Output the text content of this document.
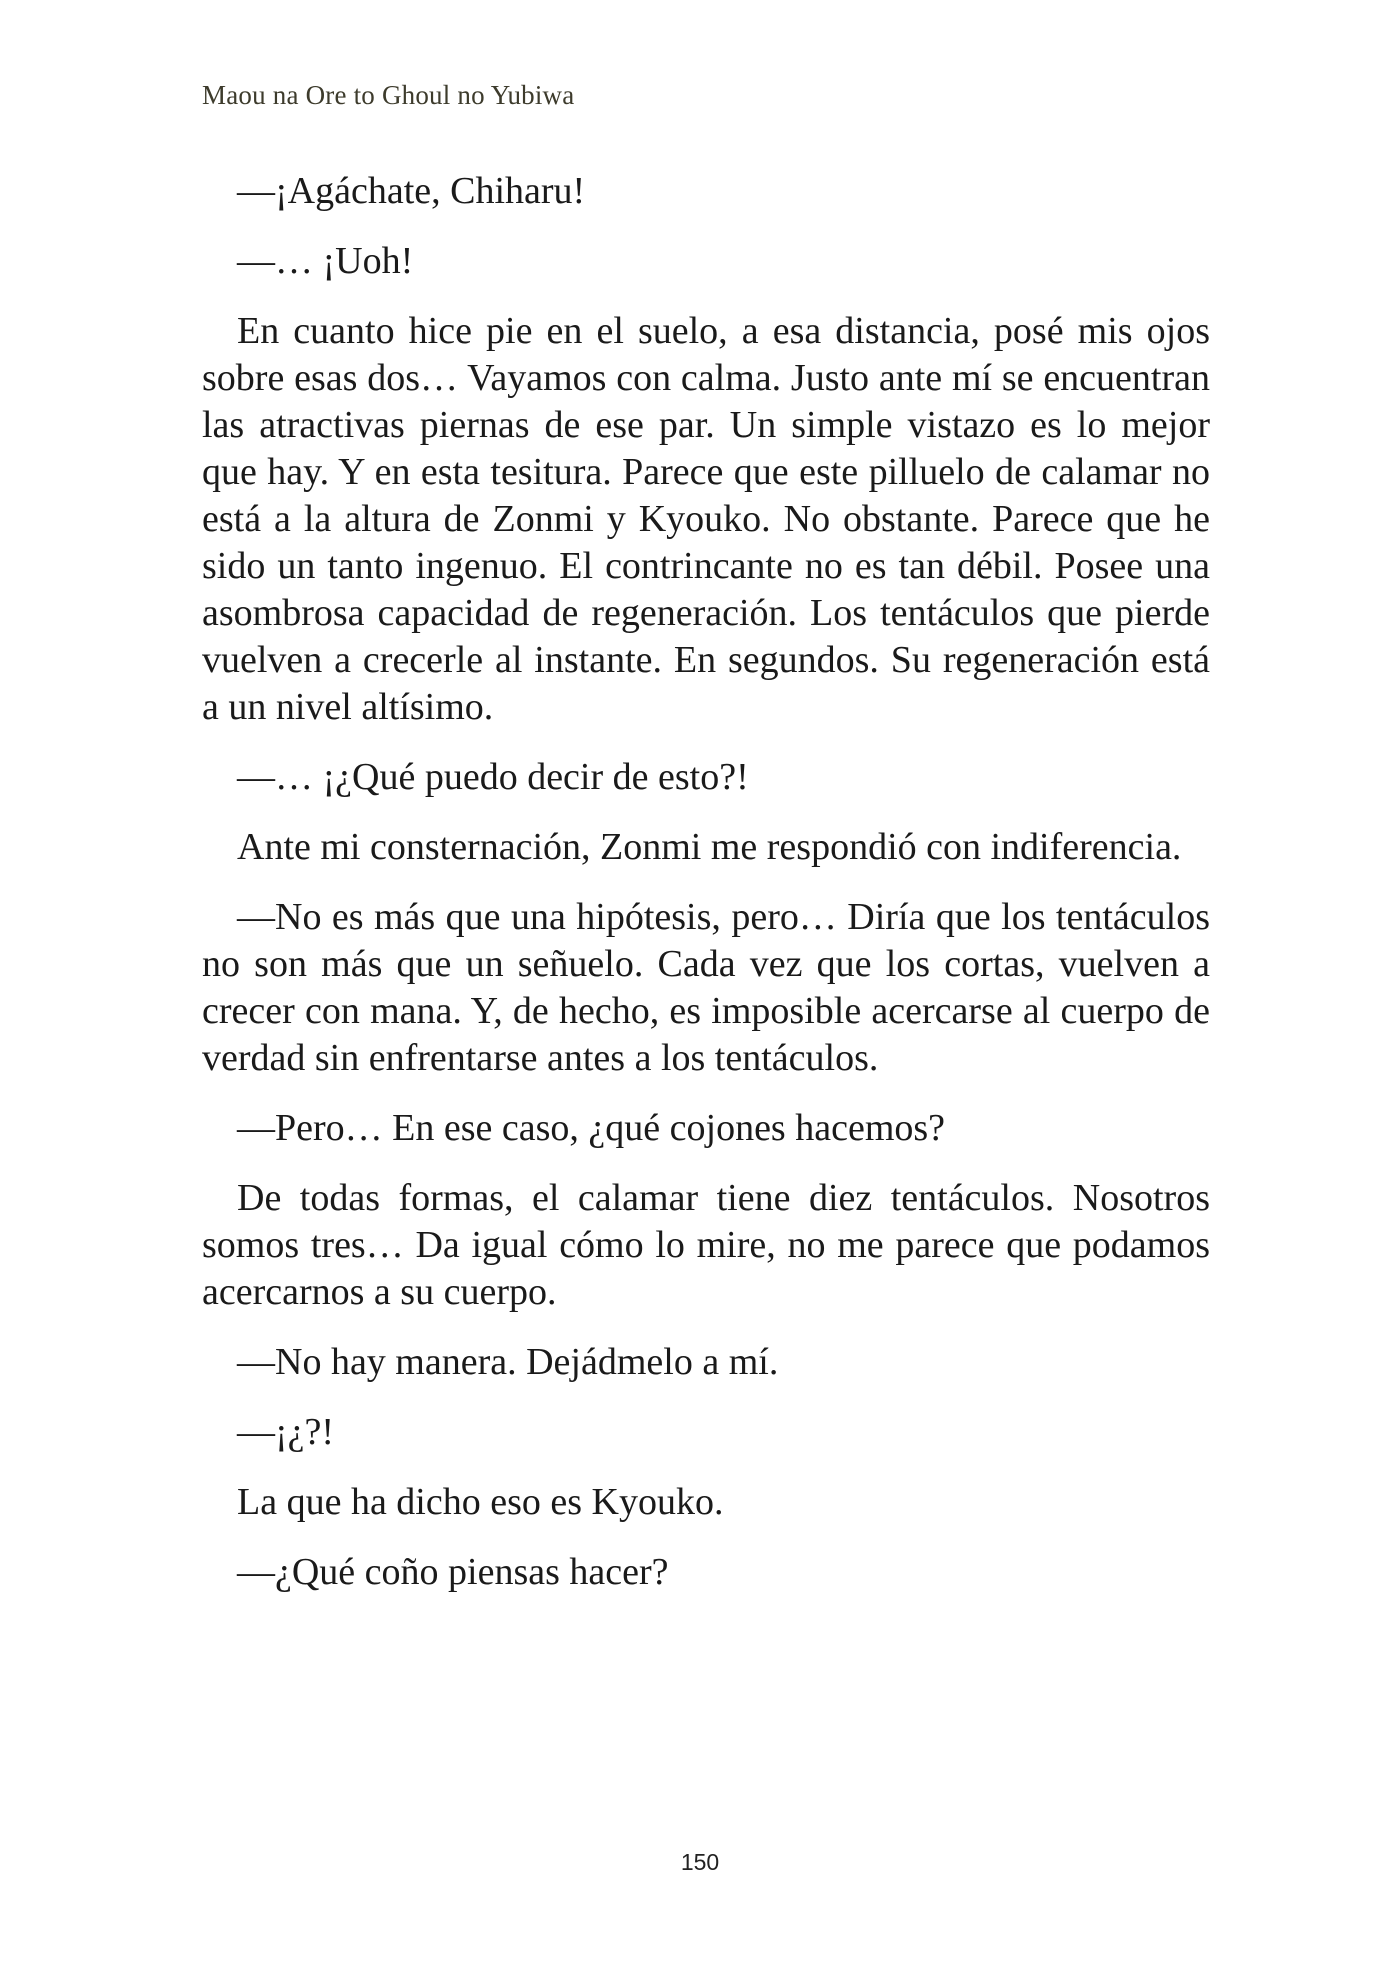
Maou na Ore to Ghoul no Yubiwa

—¡Agáchate, Chiharu!

—… ¡Uoh!

En cuanto hice pie en el suelo, a esa distancia, posé mis ojos sobre esas dos… Vayamos con calma. Justo ante mí se encuentran las atractivas piernas de ese par. Un simple vistazo es lo mejor que hay. Y en esta tesitura. Parece que este pilluelo de calamar no está a la altura de Zonmi y Kyouko. No obstante. Parece que he sido un tanto ingenuo. El contrincante no es tan débil. Posee una asombrosa capacidad de regeneración. Los tentáculos que pierde vuelven a crecerle al instante. En segundos. Su regeneración está a un nivel altísimo.

—… ¡¿Qué puedo decir de esto?!

Ante mi consternación, Zonmi me respondió con indiferencia.

—No es más que una hipótesis, pero… Diría que los tentáculos no son más que un señuelo. Cada vez que los cortas, vuelven a crecer con mana. Y, de hecho, es imposible acercarse al cuerpo de verdad sin enfrentarse antes a los tentáculos.

—Pero… En ese caso, ¿qué cojones hacemos?

De todas formas, el calamar tiene diez tentáculos. Nosotros somos tres… Da igual cómo lo mire, no me parece que podamos acercarnos a su cuerpo.

—No hay manera. Dejádmelo a mí.

—¡¿?!

La que ha dicho eso es Kyouko.

—¿Qué coño piensas hacer?

150
